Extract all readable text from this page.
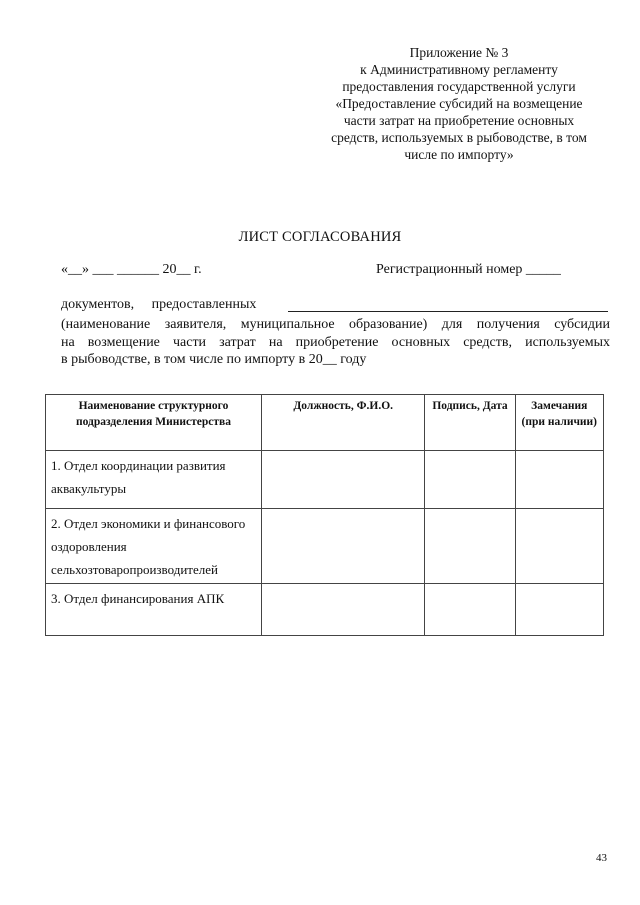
Приложение № 3
к Административному регламенту
предоставления государственной услуги
«Предоставление субсидий на возмещение
части затрат на приобретение основных
средств, используемых в рыбоводстве, в том
числе по импорту»
ЛИСТ СОГЛАСОВАНИЯ
«__» ___ ______ 20__ г.	Регистрационный номер _____
документов, предоставленных
(наименование заявителя, муниципальное образование) для получения субсидии
на возмещение части затрат на приобретение основных средств, используемых
в рыбоводстве, в том числе по импорту в 20__ году
Наименование структурного подразделения Министерства	Должность, Ф.И.О.	Подпись, Дата	Замечания (при наличии)
1. Отдел координации развития аквакультуры			
2. Отдел экономики и финансового оздоровления сельхозтоваропроизводителей			
3. Отдел финансирования АПК			
43
